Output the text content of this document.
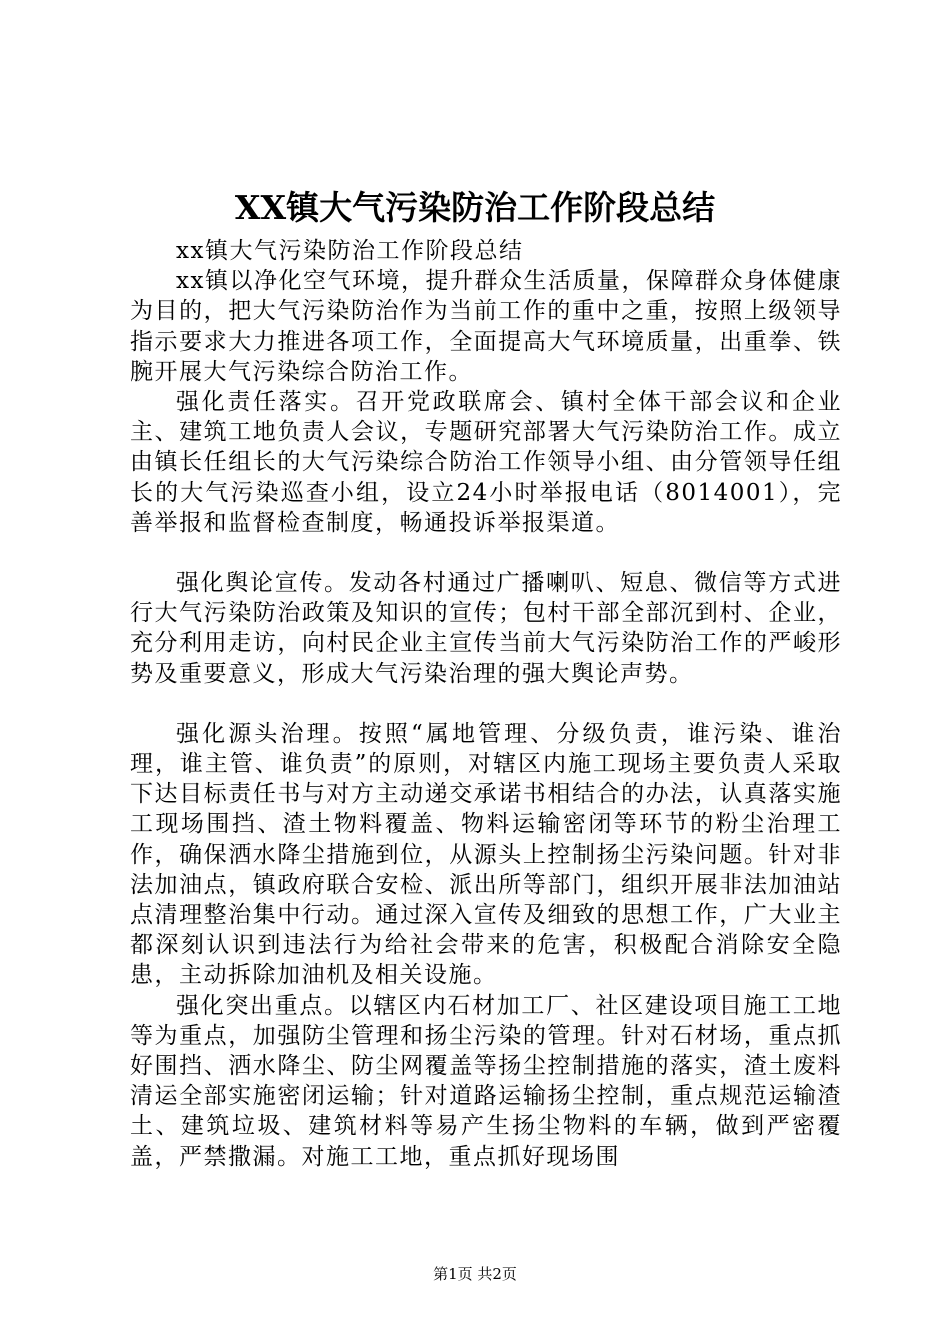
XX镇大气污染防治工作阶段总结

xx镇大气污染防治工作阶段总结

xx镇以净化空气环境，提升群众生活质量，保障群众身体健康为目的，把大气污染防治作为当前工作的重中之重，按照上级领导指示要求大力推进各项工作，全面提高大气环境质量，出重拳、铁腕开展大气污染综合防治工作。

强化责任落实。召开党政联席会、镇村全体干部会议和企业主、建筑工地负责人会议，专题研究部署大气污染防治工作。成立由镇长任组长的大气污染综合防治工作领导小组、由分管领导任组长的大气污染巡查小组，设立24小时举报电话（8014001），完善举报和监督检查制度，畅通投诉举报渠道。

强化舆论宣传。发动各村通过广播喇叭、短息、微信等方式进行大气污染防治政策及知识的宣传；包村干部全部沉到村、企业，充分利用走访，向村民企业主宣传当前大气污染防治工作的严峻形势及重要意义，形成大气污染治理的强大舆论声势。

强化源头治理。按照“属地管理、分级负责，谁污染、谁治理，谁主管、谁负责”的原则，对辖区内施工现场主要负责人采取下达目标责任书与对方主动递交承诺书相结合的办法，认真落实施工现场围挡、渣土物料覆盖、物料运输密闭等环节的粉尘治理工作，确保洒水降尘措施到位，从源头上控制扬尘污染问题。针对非法加油点，镇政府联合安检、派出所等部门，组织开展非法加油站点清理整治集中行动。通过深入宣传及细致的思想工作，广大业主都深刻认识到违法行为给社会带来的危害，积极配合消除安全隐患，主动拆除加油机及相关设施。

强化突出重点。以辖区内石材加工厂、社区建设项目施工工地等为重点，加强防尘管理和扬尘污染的管理。针对石材场，重点抓好围挡、洒水降尘、防尘网覆盖等扬尘控制措施的落实，渣土废料清运全部实施密闭运输；针对道路运输扬尘控制，重点规范运输渣土、建筑垃圾、建筑材料等易产生扬尘物料的车辆，做到严密覆盖，严禁撒漏。对施工工地，重点抓好现场围

第1页 共2页
